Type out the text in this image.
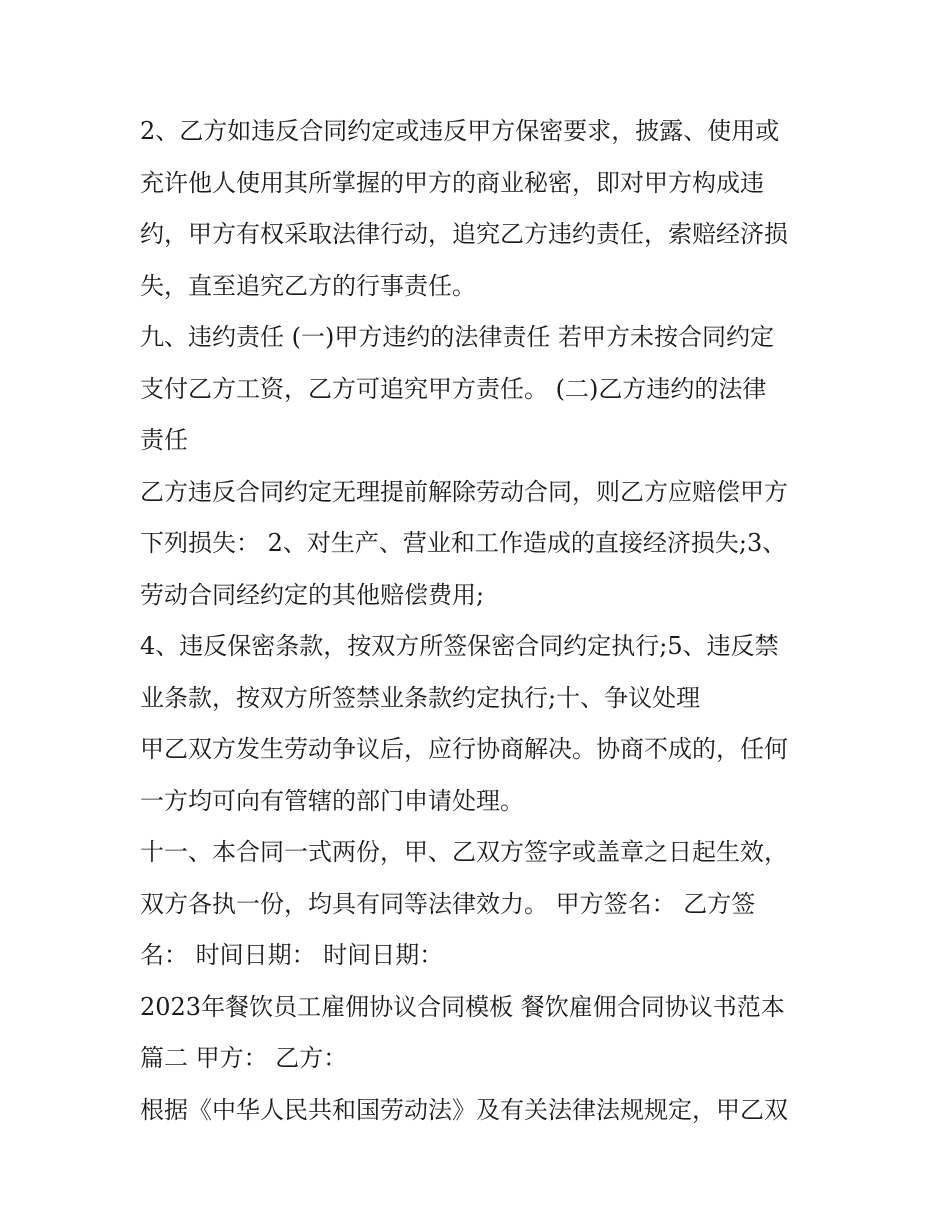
2、乙方如违反合同约定或违反甲方保密要求，披露、使用或
充许他人使用其所掌握的甲方的商业秘密，即对甲方构成违
约，甲方有权采取法律行动，追究乙方违约责任，索赔经济损
失，直至追究乙方的行事责任。
九、违约责任 (一)甲方违约的法律责任 若甲方未按合同约定
支付乙方工资，乙方可追究甲方责任。 (二)乙方违约的法律
责任
乙方违反合同约定无理提前解除劳动合同，则乙方应赔偿甲方
下列损失： 2、对生产、营业和工作造成的直接经济损失;3、
劳动合同经约定的其他赔偿费用;
4、违反保密条款，按双方所签保密合同约定执行;5、违反禁
业条款，按双方所签禁业条款约定执行;十、争议处理
甲乙双方发生劳动争议后，应行协商解决。协商不成的，任何
一方均可向有管辖的部门申请处理。
十一、本合同一式两份，甲、乙双方签字或盖章之日起生效，
双方各执一份，均具有同等法律效力。 甲方签名： 乙方签
名： 时间日期： 时间日期：
2023年餐饮员工雇佣协议合同模板 餐饮雇佣合同协议书范本
篇二 甲方： 乙方：
根据《中华人民共和国劳动法》及有关法律法规规定，甲乙双
